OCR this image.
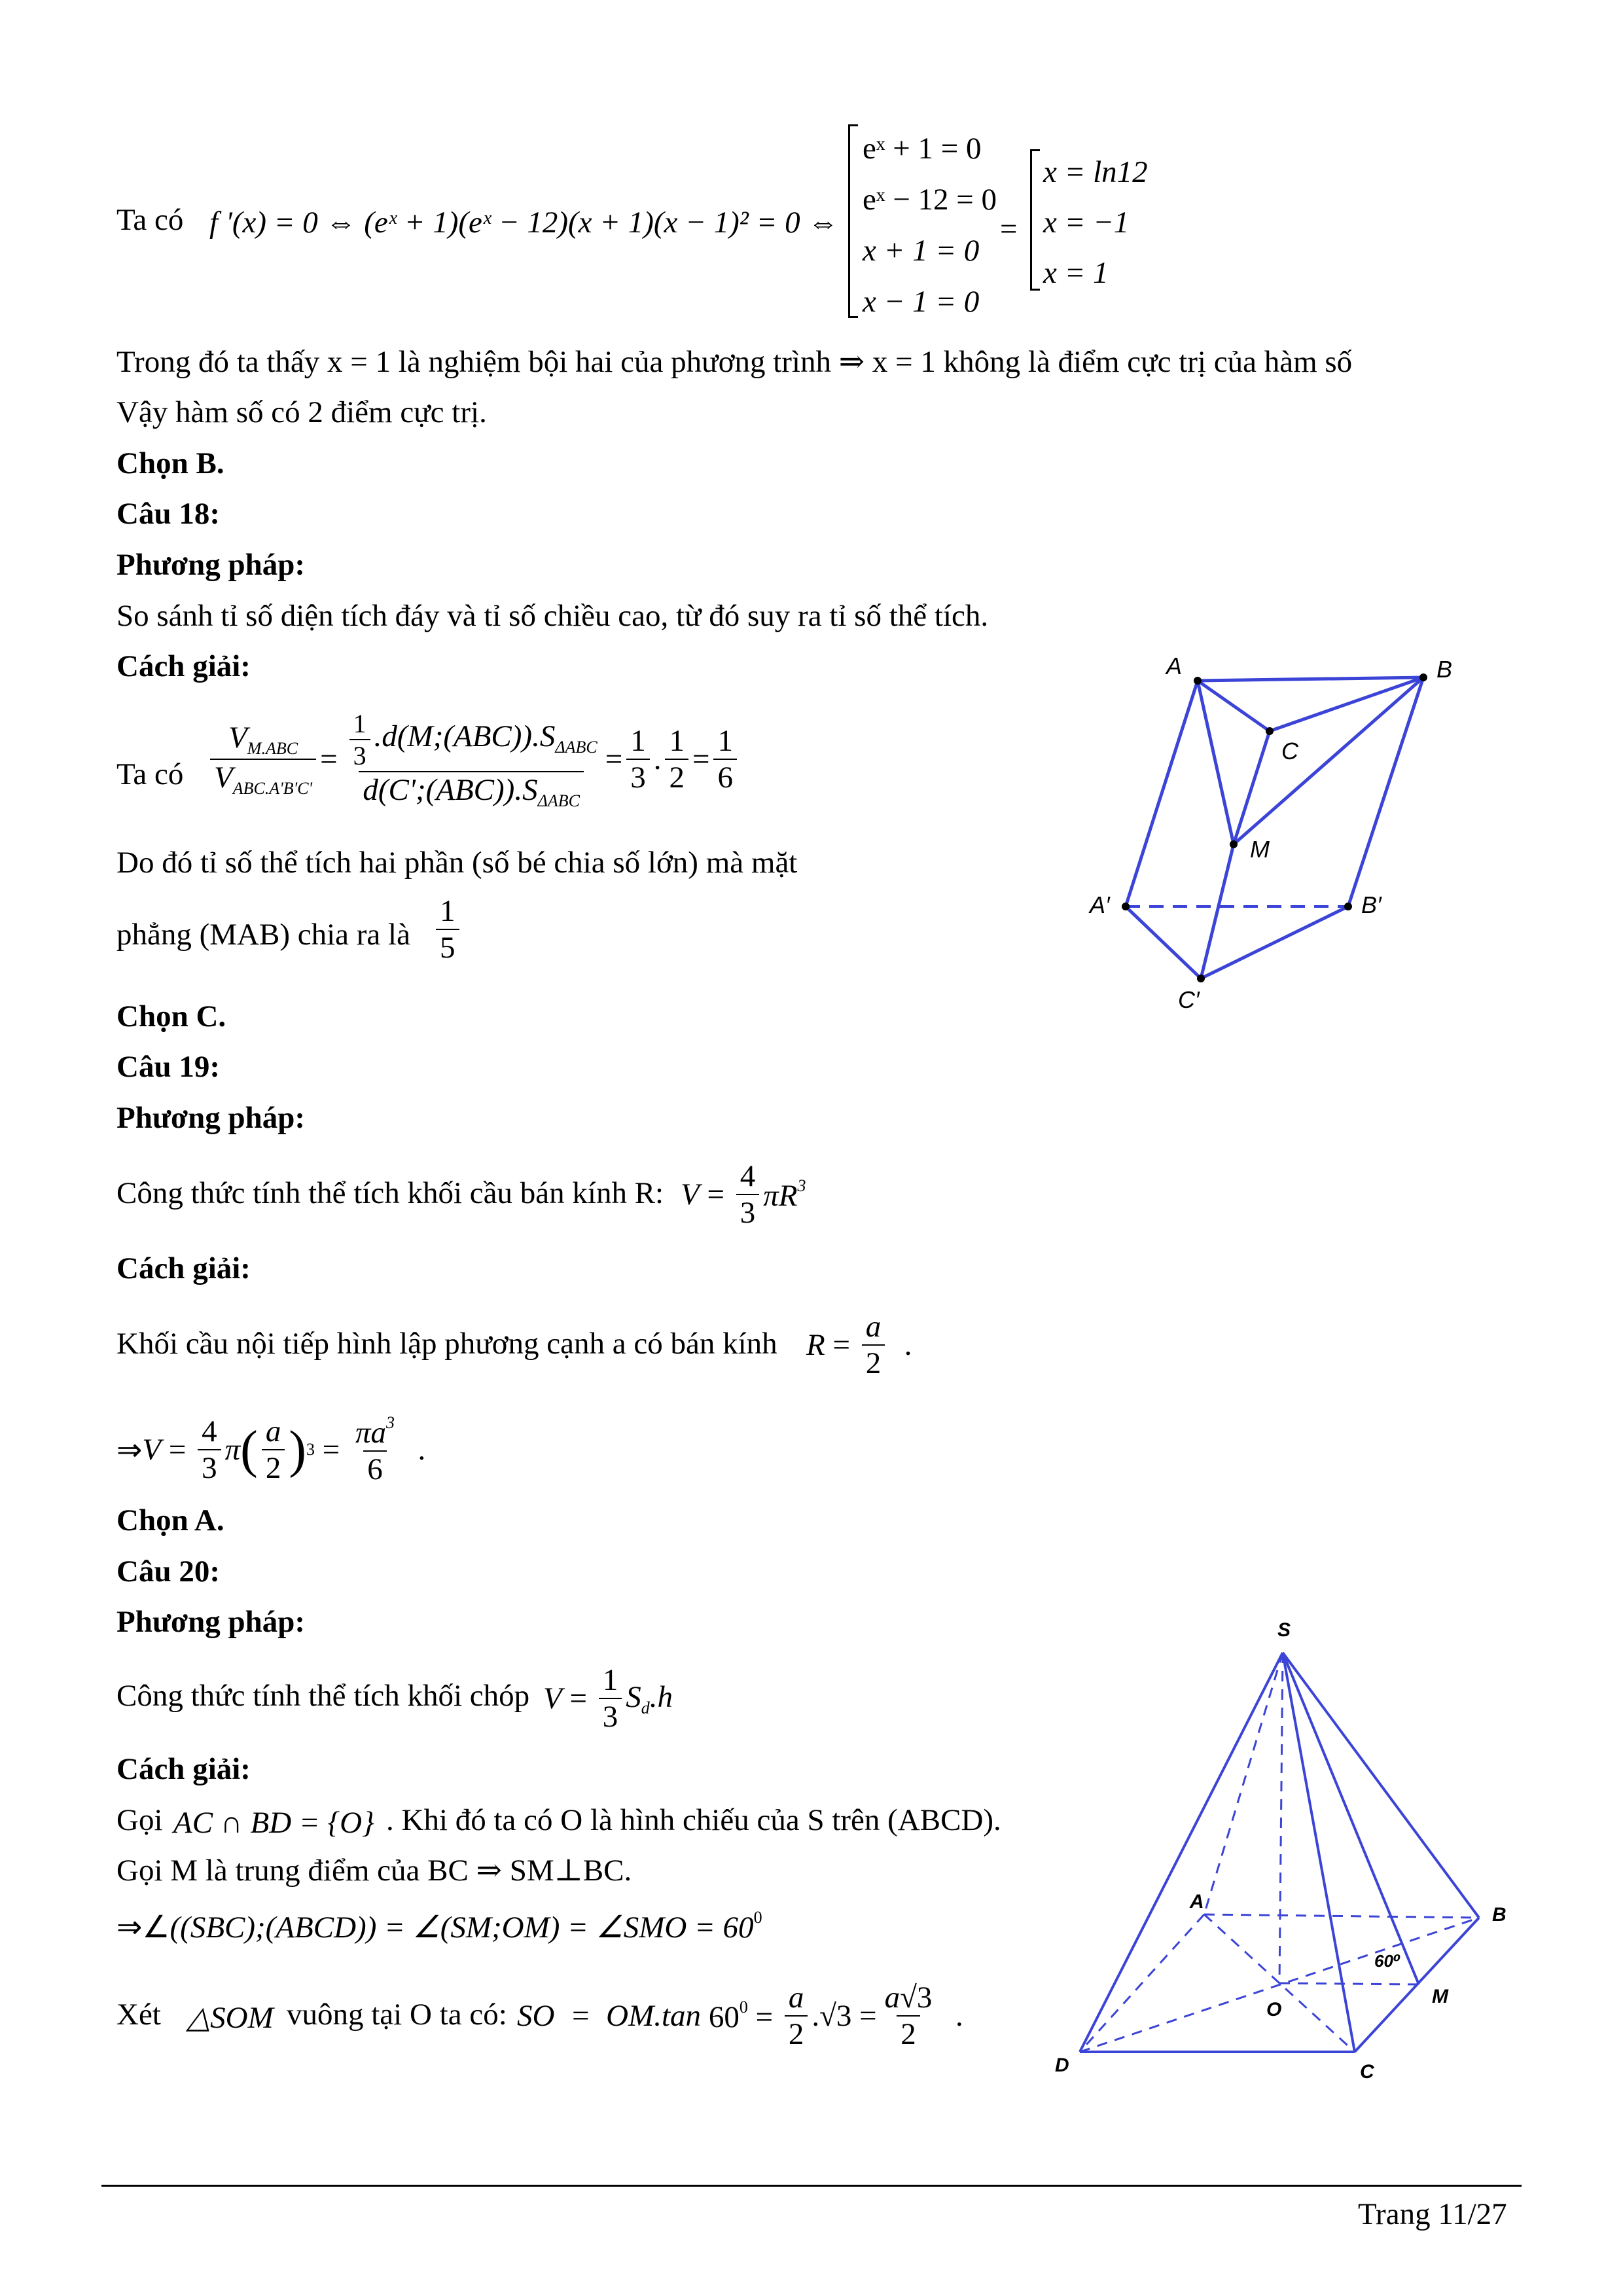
Ta có f '(x) = 0 ⇔ (eˣ + 1)(eˣ − 12)(x + 1)(x − 1)² = 0 ⇔
eˣ + 1 = 0
eˣ − 12 = 0
x + 1 = 0
x − 1 = 0
=
x = ln12
x = −1
x = 1
Trong đó ta thấy x = 1 là nghiệm bội hai của phương trình ⇒ x = 1 không là điểm cực trị của hàm số
Vậy hàm số có 2 điểm cực trị.
Chọn B.
Câu 18:
Phương pháp:
So sánh tỉ số diện tích đáy và tỉ số chiều cao, từ đó suy ra tỉ số thể tích.
Cách giải:
Ta có $\frac{V_{M.ABC}}{V_{ABC.A'B'C'}} = \frac{\frac{1}{3} .d(M;(ABC)).S_{\Delta ABC}}{d(C';(ABC)).S_{\Delta ABC}} = \frac{1}{3}$ . $\frac{1}{2} = \frac{1}{6}$
Do đó tỉ số thể tích hai phần (số bé chia số lớn) mà mặt
phẳng (MAB) chia ra là $\frac{1}{5}$
Chọn C.
A	B
C
M
A′	B′
C′
Câu 19:
Phương pháp:
Công thức tính thể tích khối cầu bán kính R: $V = \frac{4}{3} \pi R^3$
Cách giải:
Khối cầu nội tiếp hình lập phương cạnh a có bán kính $R = \frac{a}{2}$ .
⇒ $V = \frac{4}{3}$ π ( $\frac{a}{2}$ ) $3 = \frac{\pi a^3}{6}$ .
Chọn A.
Câu 20:
Phương pháp:
Công thức tính thể tích khối chóp $V = \frac{1}{3} S_d.h$
Cách giải:
Gọi AC ∩ BD = {O} . Khi đó ta có O là hình chiếu của S trên (ABCD).
Gọi M là trung điểm của BC ⇒ SM⊥BC.
⇒∠((SBC);(ABCD)) = ∠(SM;OM) = ∠SMO = $60^0$
Xét △SOM vuông tại O ta có: SO  =  OM.tan $60^0 = \frac{a}{2} .√3 = \frac{a√3}{2}$ .
S
A
B
C
D
O
M
60⁰
Trang 11/27
